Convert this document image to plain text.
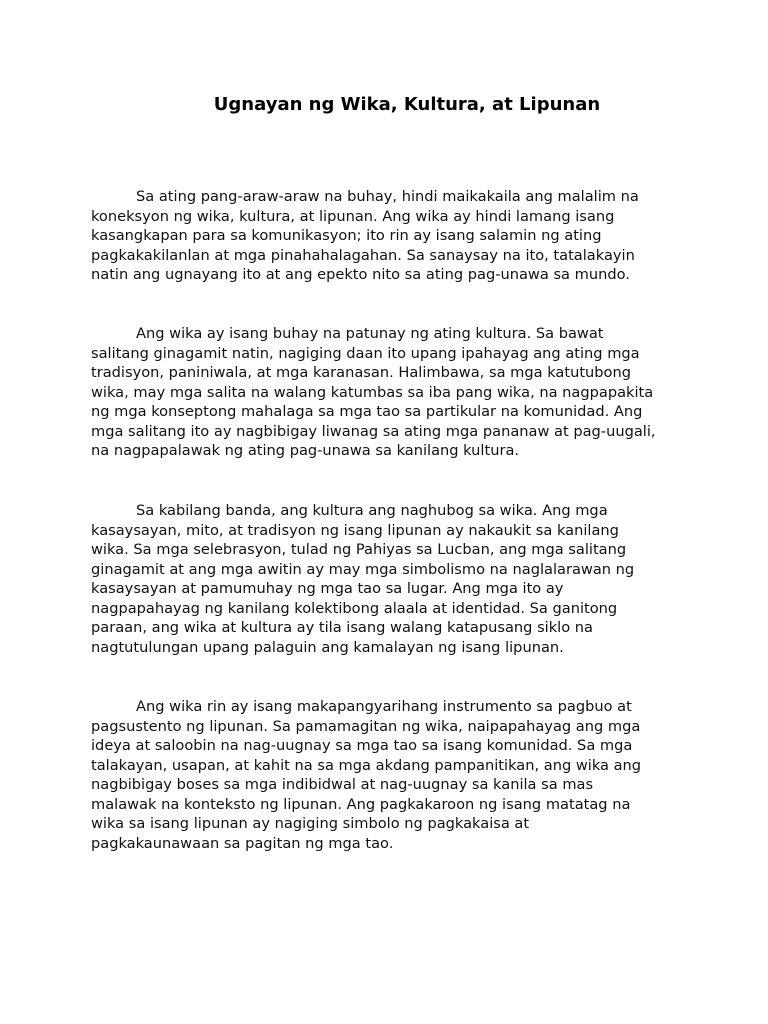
Ugnayan ng Wika, Kultura, at Lipunan

Sa ating pang-araw-araw na buhay, hindi maikakaila ang malalim na
koneksyon ng wika, kultura, at lipunan. Ang wika ay hindi lamang isang
kasangkapan para sa komunikasyon; ito rin ay isang salamin ng ating
pagkakakilanlan at mga pinahahalagahan. Sa sanaysay na ito, tatalakayin
natin ang ugnayang ito at ang epekto nito sa ating pag-unawa sa mundo.

Ang wika ay isang buhay na patunay ng ating kultura. Sa bawat
salitang ginagamit natin, nagiging daan ito upang ipahayag ang ating mga
tradisyon, paniniwala, at mga karanasan. Halimbawa, sa mga katutubong
wika, may mga salita na walang katumbas sa iba pang wika, na nagpapakita
ng mga konseptong mahalaga sa mga tao sa partikular na komunidad. Ang
mga salitang ito ay nagbibigay liwanag sa ating mga pananaw at pag-uugali,
na nagpapalawak ng ating pag-unawa sa kanilang kultura.

Sa kabilang banda, ang kultura ang naghubog sa wika. Ang mga
kasaysayan, mito, at tradisyon ng isang lipunan ay nakaukit sa kanilang
wika. Sa mga selebrasyon, tulad ng Pahiyas sa Lucban, ang mga salitang
ginagamit at ang mga awitin ay may mga simbolismo na naglalarawan ng
kasaysayan at pamumuhay ng mga tao sa lugar. Ang mga ito ay
nagpapahayag ng kanilang kolektibong alaala at identidad. Sa ganitong
paraan, ang wika at kultura ay tila isang walang katapusang siklo na
nagtutulungan upang palaguin ang kamalayan ng isang lipunan.

Ang wika rin ay isang makapangyarihang instrumento sa pagbuo at
pagsustento ng lipunan. Sa pamamagitan ng wika, naipapahayag ang mga
ideya at saloobin na nag-uugnay sa mga tao sa isang komunidad. Sa mga
talakayan, usapan, at kahit na sa mga akdang pampanitikan, ang wika ang
nagbibigay boses sa mga indibidwal at nag-uugnay sa kanila sa mas
malawak na konteksto ng lipunan. Ang pagkakaroon ng isang matatag na
wika sa isang lipunan ay nagiging simbolo ng pagkakaisa at
pagkakaunawaan sa pagitan ng mga tao.
